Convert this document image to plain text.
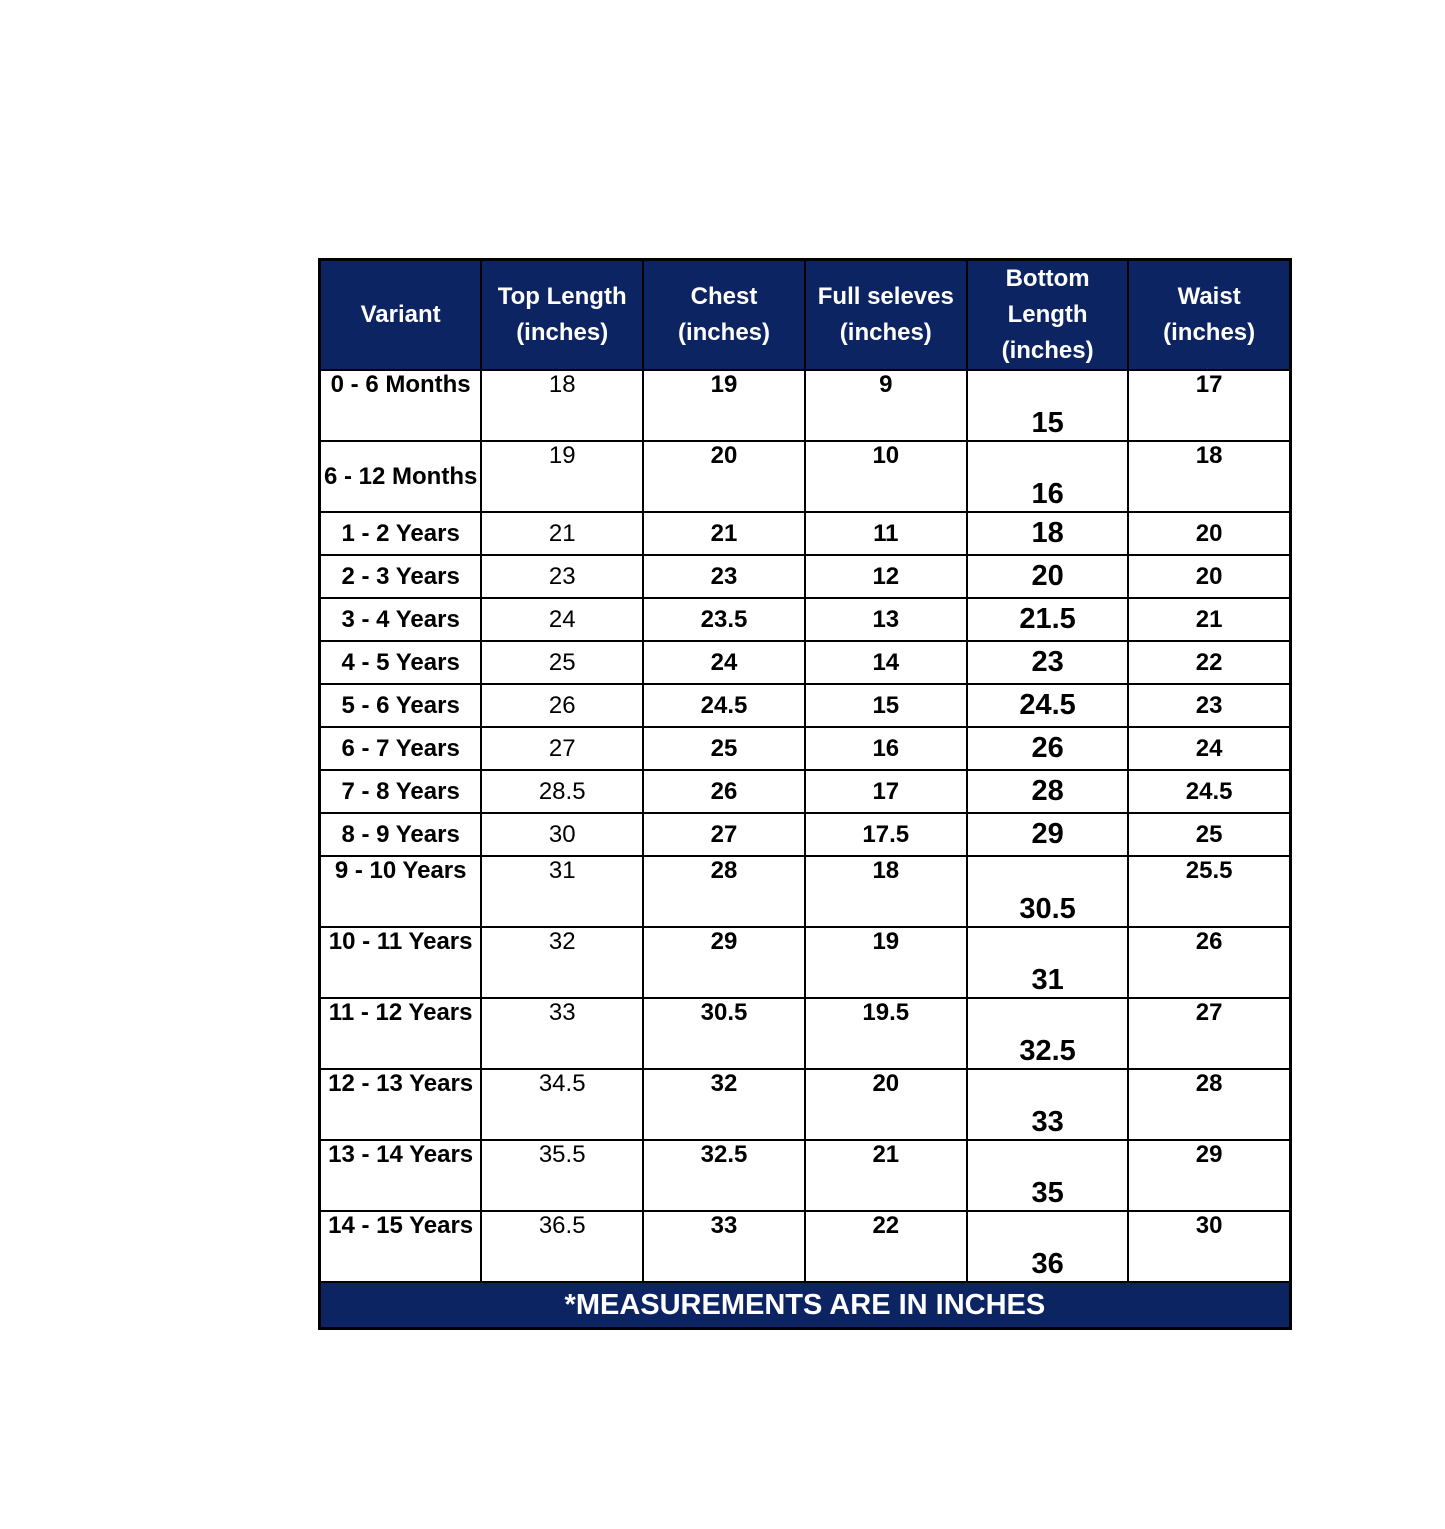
Variant	Top Length (inches)	Chest (inches)	Full seleves (inches)	Bottom Length (inches)	Waist (inches)
0 - 6 Months	18	19	9	15	17
6 - 12 Months	19	20	10	16	18
1 - 2 Years	21	21	11	18	20
2 - 3 Years	23	23	12	20	20
3 - 4 Years	24	23.5	13	21.5	21
4 - 5 Years	25	24	14	23	22
5 - 6 Years	26	24.5	15	24.5	23
6 - 7 Years	27	25	16	26	24
7 - 8 Years	28.5	26	17	28	24.5
8 - 9 Years	30	27	17.5	29	25
9 - 10 Years	31	28	18	30.5	25.5
10 - 11 Years	32	29	19	31	26
11 - 12 Years	33	30.5	19.5	32.5	27
12 - 13 Years	34.5	32	20	33	28
13 - 14 Years	35.5	32.5	21	35	29
14 - 15 Years	36.5	33	22	36	30
*MEASUREMENTS ARE IN INCHES					
